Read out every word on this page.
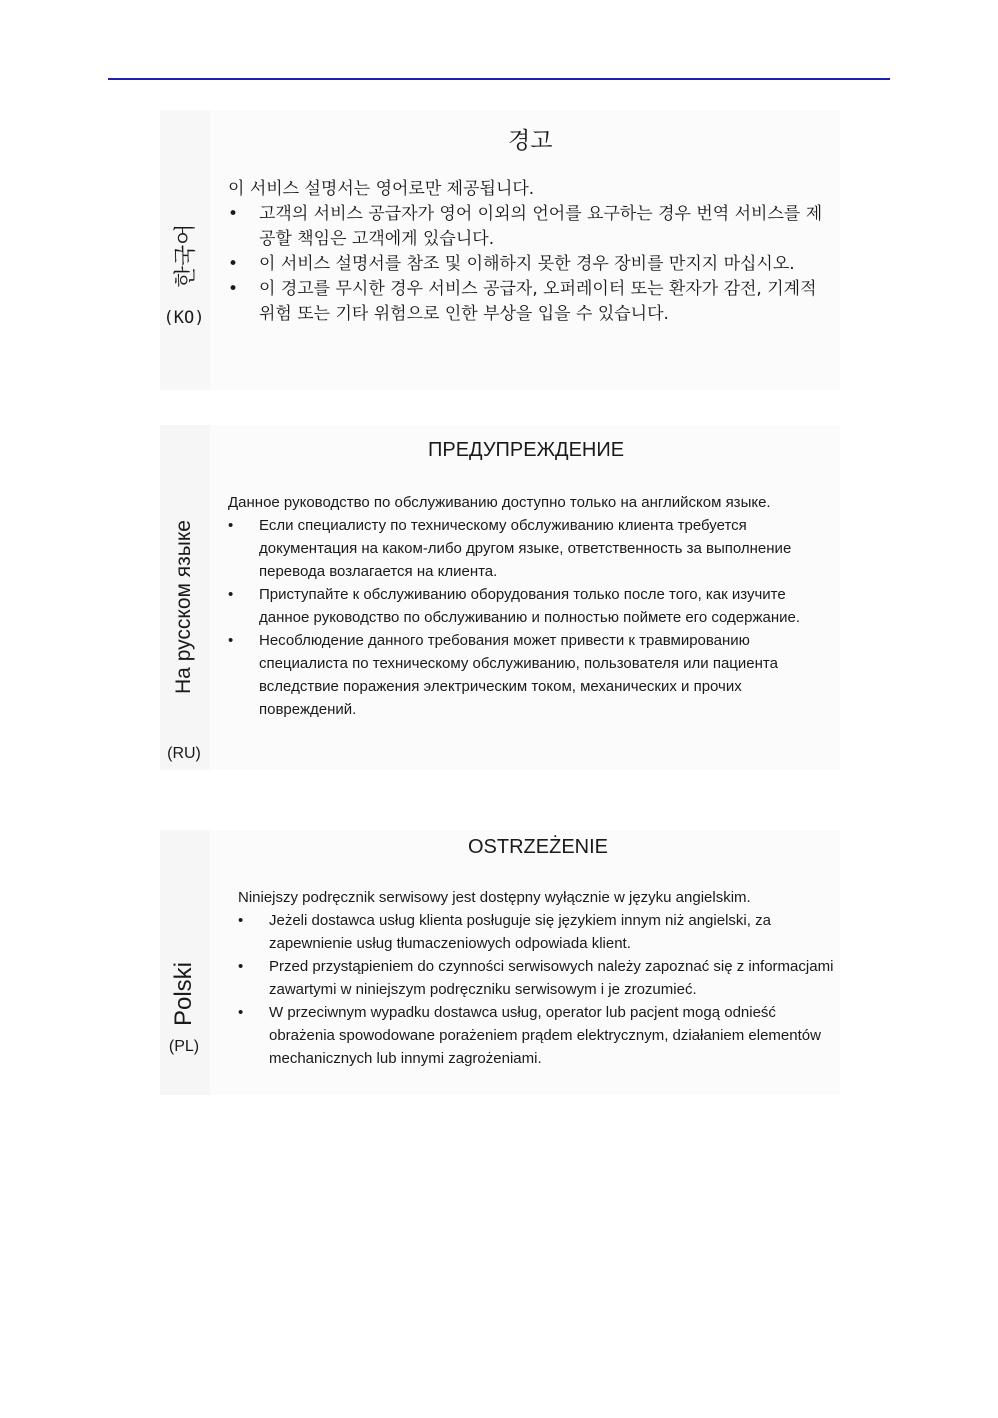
한국어
(KO)
경고

이 서비스 설명서는 영어로만 제공됩니다.

• 고객의 서비스 공급자가 영어 이외의 언어를 요구하는 경우 번역 서비스를 제공할 책임은 고객에게 있습니다.
• 이 서비스 설명서를 참조 및 이해하지 못한 경우 장비를 만지지 마십시오.
• 이 경고를 무시한 경우 서비스 공급자, 오퍼레이터 또는 환자가 감전, 기계적 위험 또는 기타 위험으로 인한 부상을 입을 수 있습니다.
На русском языке
(RU)
ПРЕДУПРЕЖДЕНИЕ

Данное руководство по обслуживанию доступно только на английском языке.

• Если специалисту по техническому обслуживанию клиента требуется документация на каком-либо другом языке, ответственность за выполнение перевода возлагается на клиента.
• Приступайте к обслуживанию оборудования только после того, как изучите данное руководство по обслуживанию и полностью поймете его содержание.
• Несоблюдение данного требования может привести к травмированию специалиста по техническому обслуживанию, пользователя или пациента вследствие поражения электрическим током, механических и прочих повреждений.
Polski
(PL)
OSTRZEŻENIE

Niniejszy podręcznik serwisowy jest dostępny wyłącznie w języku angielskim.

• Jeżeli dostawca usług klienta posługuje się językiem innym niż angielski, za zapewnienie usług tłumaczeniowych odpowiada klient.
• Przed przystąpieniem do czynności serwisowych należy zapoznać się z informacjami zawartymi w niniejszym podręczniku serwisowym i je zrozumieć.
• W przeciwnym wypadku dostawca usług, operator lub pacjent mogą odnieść obrażenia spowodowane porażeniem prądem elektrycznym, działaniem elementów mechanicznych lub innymi zagrożeniami.
